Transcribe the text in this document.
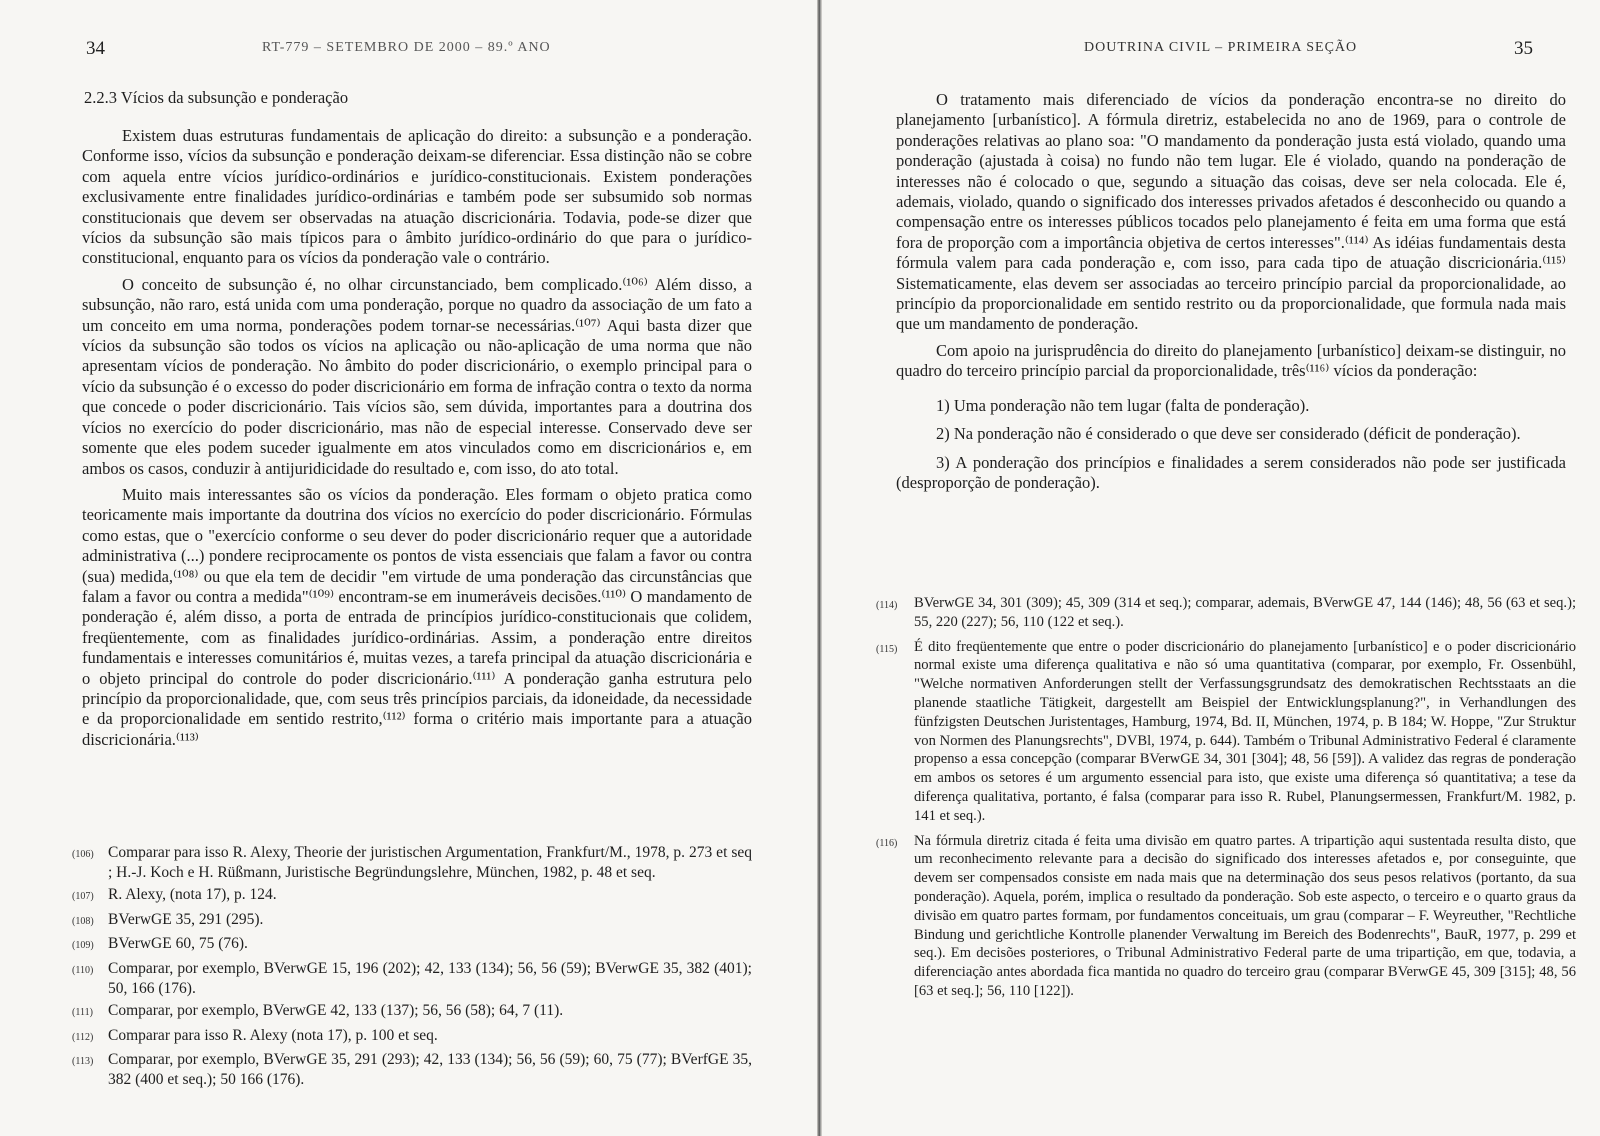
34	RT-779 – SETEMBRO DE 2000 – 89.º ANO
2.2.3 Vícios da subsunção e ponderação

Existem duas estruturas fundamentais de aplicação do direito: a subsunção e a ponderação. Conforme isso, vícios da subsunção e ponderação deixam-se diferenciar. Essa distinção não se cobre com aquela entre vícios jurídico-ordinários e jurídico-constitucionais. Existem ponderações exclusivamente entre finalidades jurídico-ordinárias e também pode ser subsumido sob normas constitucionais que devem ser observadas na atuação discricionária. Todavia, pode-se dizer que vícios da subsunção são mais típicos para o âmbito jurídico-ordinário do que para o jurídico-constitucional, enquanto para os vícios da ponderação vale o contrário.

O conceito de subsunção é, no olhar circunstanciado, bem complicado.⁽¹⁰⁶⁾ Além disso, a subsunção, não raro, está unida com uma ponderação, porque no quadro da associação de um fato a um conceito em uma norma, ponderações podem tornar-se necessárias.⁽¹⁰⁷⁾ Aqui basta dizer que vícios da subsunção são todos os vícios na aplicação ou não-aplicação de uma norma que não apresentam vícios de ponderação. No âmbito do poder discricionário, o exemplo principal para o vício da subsunção é o excesso do poder discricionário em forma de infração contra o texto da norma que concede o poder discricionário. Tais vícios são, sem dúvida, importantes para a doutrina dos vícios no exercício do poder discricionário, mas não de especial interesse. Conservado deve ser somente que eles podem suceder igualmente em atos vinculados como em discricionários e, em ambos os casos, conduzir à antijuridicidade do resultado e, com isso, do ato total.

Muito mais interessantes são os vícios da ponderação. Eles formam o objeto pratica como teoricamente mais importante da doutrina dos vícios no exercício do poder discricionário. Fórmulas como estas, que o "exercício conforme o seu dever do poder discricionário requer que a autoridade administrativa (...) pondere reciprocamente os pontos de vista essenciais que falam a favor ou contra (sua) medida,⁽¹⁰⁸⁾ ou que ela tem de decidir "em virtude de uma ponderação das circunstâncias que falam a favor ou contra a medida"⁽¹⁰⁹⁾ encontram-se em inumeráveis decisões.⁽¹¹⁰⁾ O mandamento de ponderação é, além disso, a porta de entrada de princípios jurídico-constitucionais que colidem, freqüentemente, com as finalidades jurídico-ordinárias. Assim, a ponderação entre direitos fundamentais e interesses comunitários é, muitas vezes, a tarefa principal da atuação discricionária e o objeto principal do controle do poder discricionário.⁽¹¹¹⁾ A ponderação ganha estrutura pelo princípio da proporcionalidade, que, com seus três princípios parciais, da idoneidade, da necessidade e da proporcionalidade em sentido restrito,⁽¹¹²⁾ forma o critério mais importante para a atuação discricionária.⁽¹¹³⁾

(106) Comparar para isso R. Alexy, Theorie der juristischen Argumentation, Frankfurt/M., 1978, p. 273 et seq ; H.-J. Koch e H. Rüßmann, Juristische Begründungslehre, München, 1982, p. 48 et seq.
(107) R. Alexy, (nota 17), p. 124.
(108) BVerwGE 35, 291 (295).
(109) BVerwGE 60, 75 (76).
(110) Comparar, por exemplo, BVerwGE 15, 196 (202); 42, 133 (134); 56, 56 (59); BVerwGE 35, 382 (401); 50, 166 (176).
(111) Comparar, por exemplo, BVerwGE 42, 133 (137); 56, 56 (58); 64, 7 (11).
(112) Comparar para isso R. Alexy (nota 17), p. 100 et seq.
(113) Comparar, por exemplo, BVerwGE 35, 291 (293); 42, 133 (134); 56, 56 (59); 60, 75 (77); BVerfGE 35, 382 (400 et seq.); 50 166 (176).
DOUTRINA CIVIL – PRIMEIRA SEÇÃO	35

O tratamento mais diferenciado de vícios da ponderação encontra-se no direito do planejamento [urbanístico]. A fórmula diretriz, estabelecida no ano de 1969, para o controle de ponderações relativas ao plano soa: "O mandamento da ponderação justa está violado, quando uma ponderação (ajustada à coisa) no fundo não tem lugar. Ele é violado, quando na ponderação de interesses não é colocado o que, segundo a situação das coisas, deve ser nela colocada. Ele é, ademais, violado, quando o significado dos interesses privados afetados é desconhecido ou quando a compensação entre os interesses públicos tocados pelo planejamento é feita em uma forma que está fora de proporção com a importância objetiva de certos interesses".⁽¹¹⁴⁾ As idéias fundamentais desta fórmula valem para cada ponderação e, com isso, para cada tipo de atuação discricionária.⁽¹¹⁵⁾ Sistematicamente, elas devem ser associadas ao terceiro princípio parcial da proporcionalidade, ao princípio da proporcionalidade em sentido restrito ou da proporcionalidade, que formula nada mais que um mandamento de ponderação.

Com apoio na jurisprudência do direito do planejamento [urbanístico] deixam-se distinguir, no quadro do terceiro princípio parcial da proporcionalidade, três⁽¹¹⁶⁾ vícios da ponderação:

1) Uma ponderação não tem lugar (falta de ponderação).

2) Na ponderação não é considerado o que deve ser considerado (déficit de ponderação).

3) A ponderação dos princípios e finalidades a serem considerados não pode ser justificada (desproporção de ponderação).

(114)	BVerwGE 34, 301 (309); 45, 309 (314 et seq.); comparar, ademais, BVerwGE 47, 144 (146); 48, 56 (63 et seq.); 55, 220 (227); 56, 110 (122 et seq.).
(115)	É dito freqüentemente que entre o poder discricionário do planejamento [urbanístico] e o poder discricionário normal existe uma diferença qualitativa e não só uma quantitativa (comparar, por exemplo, Fr. Ossenbühl, "Welche normativen Anforderungen stellt der Verfassungsgrundsatz des demokratischen Rechtsstaats an die planende staatliche Tätigkeit, dargestellt am Beispiel der Entwicklungsplanung?", in Verhandlungen des fünfzigsten Deutschen Juristentages, Hamburg, 1974, Bd. II, München, 1974, p. B 184; W. Hoppe, "Zur Struktur von Normen des Planungsrechts", DVBl, 1974, p. 644). Também o Tribunal Administrativo Federal é claramente propenso a essa concepção (comparar BVerwGE 34, 301 [304]; 48, 56 [59]). A validez das regras de ponderação em ambos os setores é um argumento essencial para isto, que existe uma diferença só quantitativa; a tese da diferença qualitativa, portanto, é falsa (comparar para isso R. Rubel, Planungsermessen, Frankfurt/M. 1982, p. 141 et seq.).
(116)	Na fórmula diretriz citada é feita uma divisão em quatro partes. A tripartição aqui sustentada resulta disto, que um reconhecimento relevante para a decisão do significado dos interesses afetados e, por conseguinte, que devem ser compensados consiste em nada mais que na determinação dos seus pesos relativos (portanto, da sua ponderação). Aquela, porém, implica o resultado da ponderação. Sob este aspecto, o terceiro e o quarto graus da divisão em quatro partes formam, por fundamentos conceituais, um grau (comparar – F. Weyreuther, "Rechtliche Bindung und gerichtliche Kontrolle planender Verwaltung im Bereich des Bodenrechts", BauR, 1977, p. 299 et seq.). Em decisões posteriores, o Tribunal Administrativo Federal parte de uma tripartição, em que, todavia, a diferenciação antes abordada fica mantida no quadro do terceiro grau (comparar BVerwGE 45, 309 [315]; 48, 56 [63 et seq.]; 56, 110 [122]).
